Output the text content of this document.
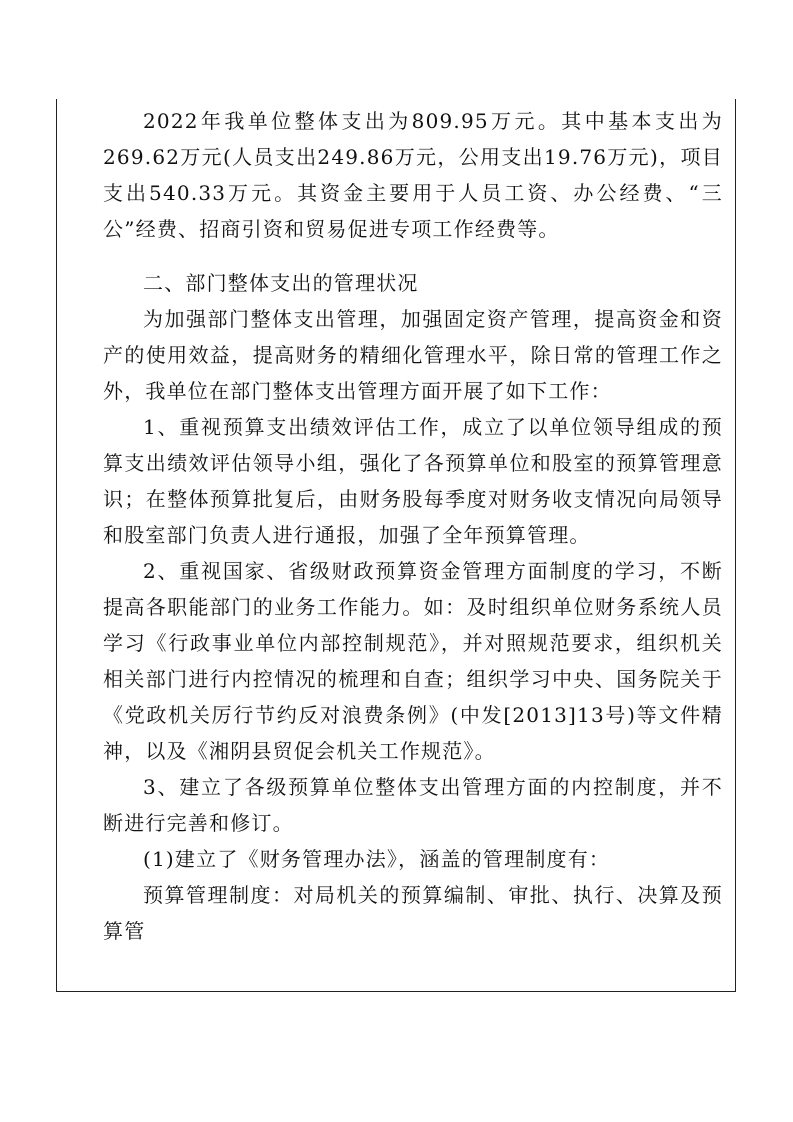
2022年我单位整体支出为809.95万元。其中基本支出为269.62万元(人员支出249.86万元，公用支出19.76万元)，项目支出540.33万元。其资金主要用于人员工资、办公经费、“三公”经费、招商引资和贸易促进专项工作经费等。

二、部门整体支出的管理状况

为加强部门整体支出管理，加强固定资产管理，提高资金和资产的使用效益，提高财务的精细化管理水平，除日常的管理工作之外，我单位在部门整体支出管理方面开展了如下工作：

1、重视预算支出绩效评估工作，成立了以单位领导组成的预算支出绩效评估领导小组，强化了各预算单位和股室的预算管理意识；在整体预算批复后，由财务股每季度对财务收支情况向局领导和股室部门负责人进行通报，加强了全年预算管理。

2、重视国家、省级财政预算资金管理方面制度的学习，不断提高各职能部门的业务工作能力。如：及时组织单位财务系统人员学习《行政事业单位内部控制规范》，并对照规范要求，组织机关相关部门进行内控情况的梳理和自查；组织学习中央、国务院关于《党政机关厉行节约反对浪费条例》(中发[2013]13号)等文件精神，以及《湘阴县贸促会机关工作规范》。

3、建立了各级预算单位整体支出管理方面的内控制度，并不断进行完善和修订。

(1)建立了《财务管理办法》，涵盖的管理制度有：

预算管理制度：对局机关的预算编制、审批、执行、决算及预算管
